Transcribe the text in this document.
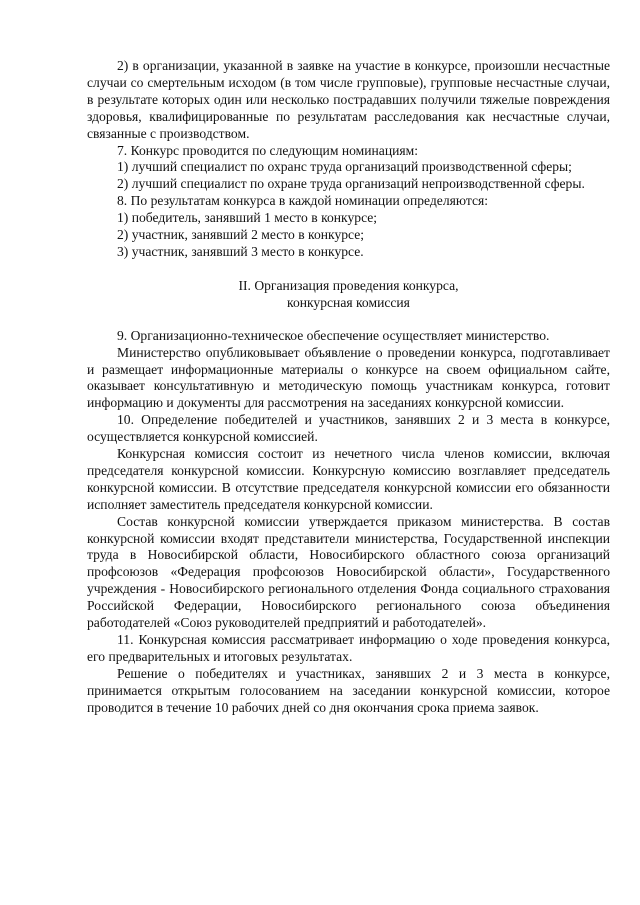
2) в организации, указанной в заявке на участие в конкурсе, произошли несчастные случаи со смертельным исходом (в том числе групповые), групповые несчастные случаи, в результате которых один или несколько пострадавших получили тяжелые повреждения здоровья, квалифицированные по результатам расследования как несчастные случаи, связанные с производством.

7. Конкурс проводится по следующим номинациям:

1) лучший специалист по охранс труда организаций производственной сферы;

2) лучший специалист по охране труда организаций непроизводственной сферы.

8. По результатам конкурса в каждой номинации определяются:

1) победитель, занявший 1 место в конкурсе;

2) участник, занявший 2 место в конкурсе;

3) участник, занявший 3 место в конкурсе.

II. Организация проведения конкурса,

конкурсная комиссия

9. Организационно-техническое обеспечение осуществляет министерство.

Министерство опубликовывает объявление о проведении конкурса, подготавливает и размещает информационные материалы о конкурсе на своем официальном сайте, оказывает консультативную и методическую помощь участникам конкурса, готовит информацию и документы для рассмотрения на заседаниях конкурсной комиссии.

10. Определение победителей и участников, занявших 2 и 3 места в конкурсе, осуществляется конкурсной комиссией.

Конкурсная комиссия состоит из нечетного числа членов комиссии, включая председателя конкурсной комиссии. Конкурсную комиссию возглавляет председатель конкурсной комиссии. В отсутствие председателя конкурсной комиссии его обязанности исполняет заместитель председателя конкурсной комиссии.

Состав конкурсной комиссии утверждается приказом министерства. В состав конкурсной комиссии входят представители министерства, Государственной инспекции труда в Новосибирской области, Новосибирского областного союза организаций профсоюзов «Федерация профсоюзов Новосибирской области», Государственного учреждения - Новосибирского регионального отделения Фонда социального страхования Российской Федерации, Новосибирского регионального союза объединения работодателей «Союз руководителей предприятий и работодателей».

11. Конкурсная комиссия рассматривает информацию о ходе проведения конкурса, его предварительных и итоговых результатах.

Решение о победителях и участниках, занявших 2 и 3 места в конкурсе, принимается открытым голосованием на заседании конкурсной комиссии, которое проводится в течение 10 рабочих дней со дня окончания срока приема заявок.
